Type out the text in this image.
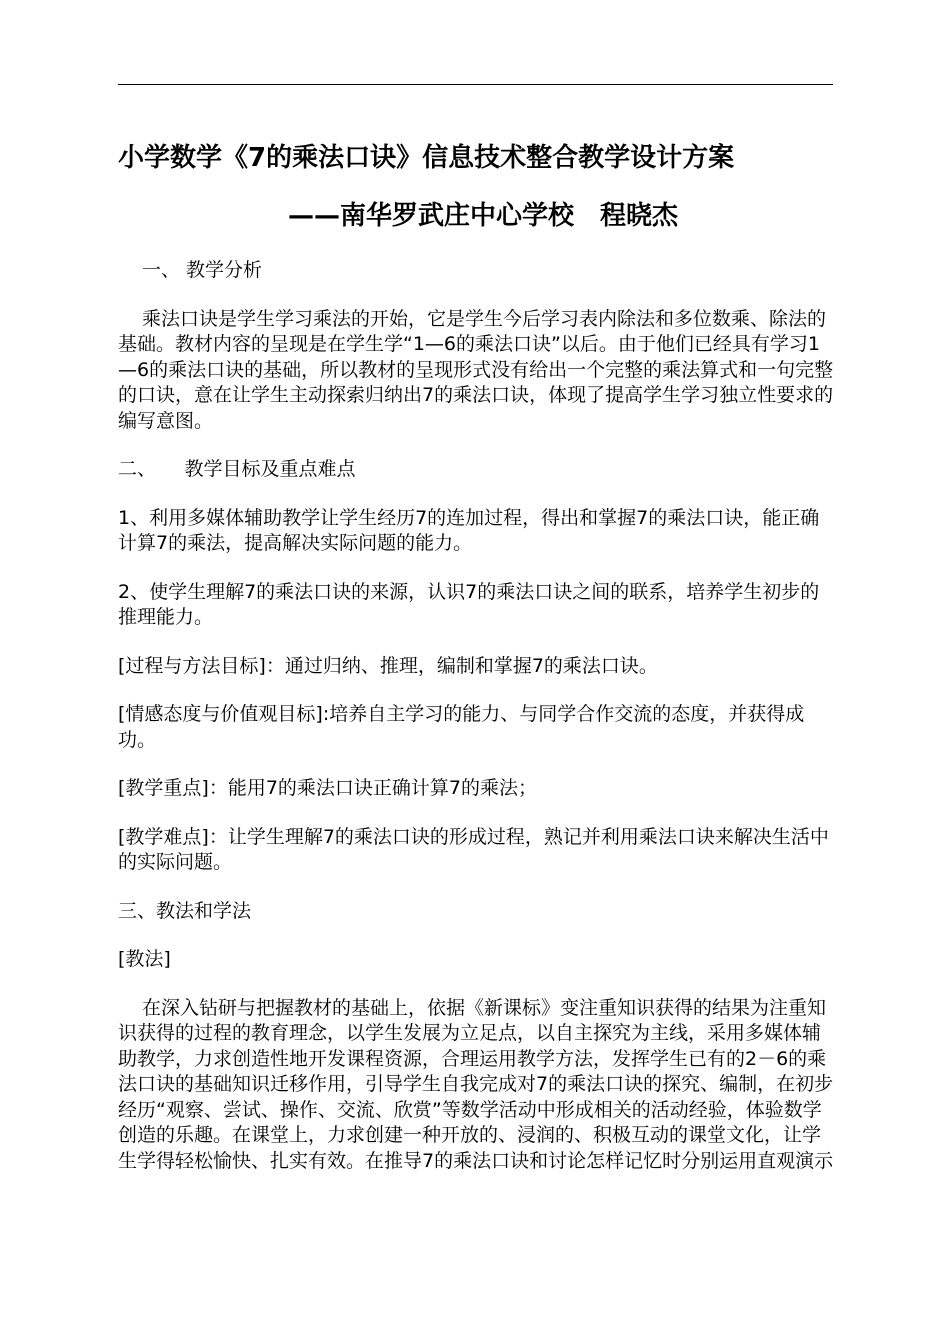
小学数学《7的乘法口诀》信息技术整合教学设计方案
——南华罗武庄中心学校　程晓杰

一、 教学分析

乘法口诀是学生学习乘法的开始，它是学生今后学习表内除法和多位数乘、除法的基础。教材内容的呈现是在学生学“1—6的乘法口诀”以后。由于他们已经具有学习1—6的乘法口诀的基础，所以教材的呈现形式没有给出一个完整的乘法算式和一句完整的口诀，意在让学生主动探索归纳出7的乘法口诀，体现了提高学生学习独立性要求的编写意图。

二、　　教学目标及重点难点

1、利用多媒体辅助教学让学生经历7的连加过程，得出和掌握7的乘法口诀，能正确计算7的乘法，提高解决实际问题的能力。

2、使学生理解7的乘法口诀的来源，认识7的乘法口诀之间的联系，培养学生初步的推理能力。

[过程与方法目标]：通过归纳、推理，编制和掌握7的乘法口诀。

[情感态度与价值观目标]:培养自主学习的能力、与同学合作交流的态度，并获得成功。

[教学重点]：能用7的乘法口诀正确计算7的乘法；

[教学难点]：让学生理解7的乘法口诀的形成过程，熟记并利用乘法口诀来解决生活中的实际问题。

三、教法和学法

[教法]

在深入钻研与把握教材的基础上，依据《新课标》变注重知识获得的结果为注重知识获得的过程的教育理念，以学生发展为立足点，以自主探究为主线，采用多媒体辅助教学，力求创造性地开发课程资源，合理运用教学方法，发挥学生已有的2－6的乘法口诀的基础知识迁移作用，引导学生自我完成对7的乘法口诀的探究、编制，在初步经历“观察、尝试、操作、交流、欣赏”等数学活动中形成相关的活动经验，体验数学创造的乐趣。在课堂上，力求创建一种开放的、浸润的、积极互动的课堂文化，让学生学得轻松愉快、扎实有效。在推导7的乘法口诀和讨论怎样记忆时分别运用直观演示
